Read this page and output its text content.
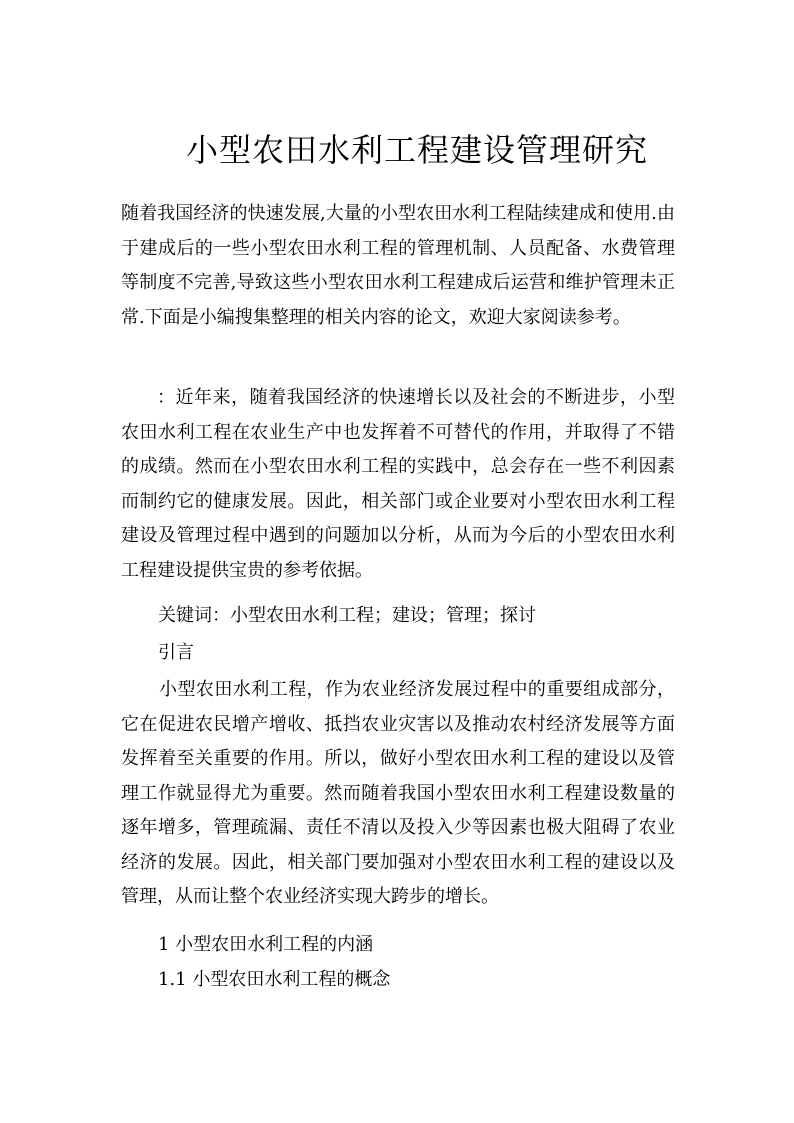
小型农田水利工程建设管理研究
随着我国经济的快速发展,大量的小型农田水利工程陆续建成和使用.由于建成后的一些小型农田水利工程的管理机制、人员配备、水费管理等制度不完善,导致这些小型农田水利工程建成后运营和维护管理未正常.下面是小编搜集整理的相关内容的论文，欢迎大家阅读参考。
：近年来，随着我国经济的快速增长以及社会的不断进步，小型农田水利工程在农业生产中也发挥着不可替代的作用，并取得了不错的成绩。然而在小型农田水利工程的实践中，总会存在一些不利因素而制约它的健康发展。因此，相关部门或企业要对小型农田水利工程建设及管理过程中遇到的问题加以分析，从而为今后的小型农田水利工程建设提供宝贵的参考依据。
关键词：小型农田水利工程；建设；管理；探讨
引言
小型农田水利工程，作为农业经济发展过程中的重要组成部分，它在促进农民增产增收、抵挡农业灾害以及推动农村经济发展等方面发挥着至关重要的作用。所以，做好小型农田水利工程的建设以及管理工作就显得尤为重要。然而随着我国小型农田水利工程建设数量的逐年增多，管理疏漏、责任不清以及投入少等因素也极大阻碍了农业经济的发展。因此，相关部门要加强对小型农田水利工程的建设以及管理，从而让整个农业经济实现大跨步的增长。
1 小型农田水利工程的内涵
1.1 小型农田水利工程的概念
